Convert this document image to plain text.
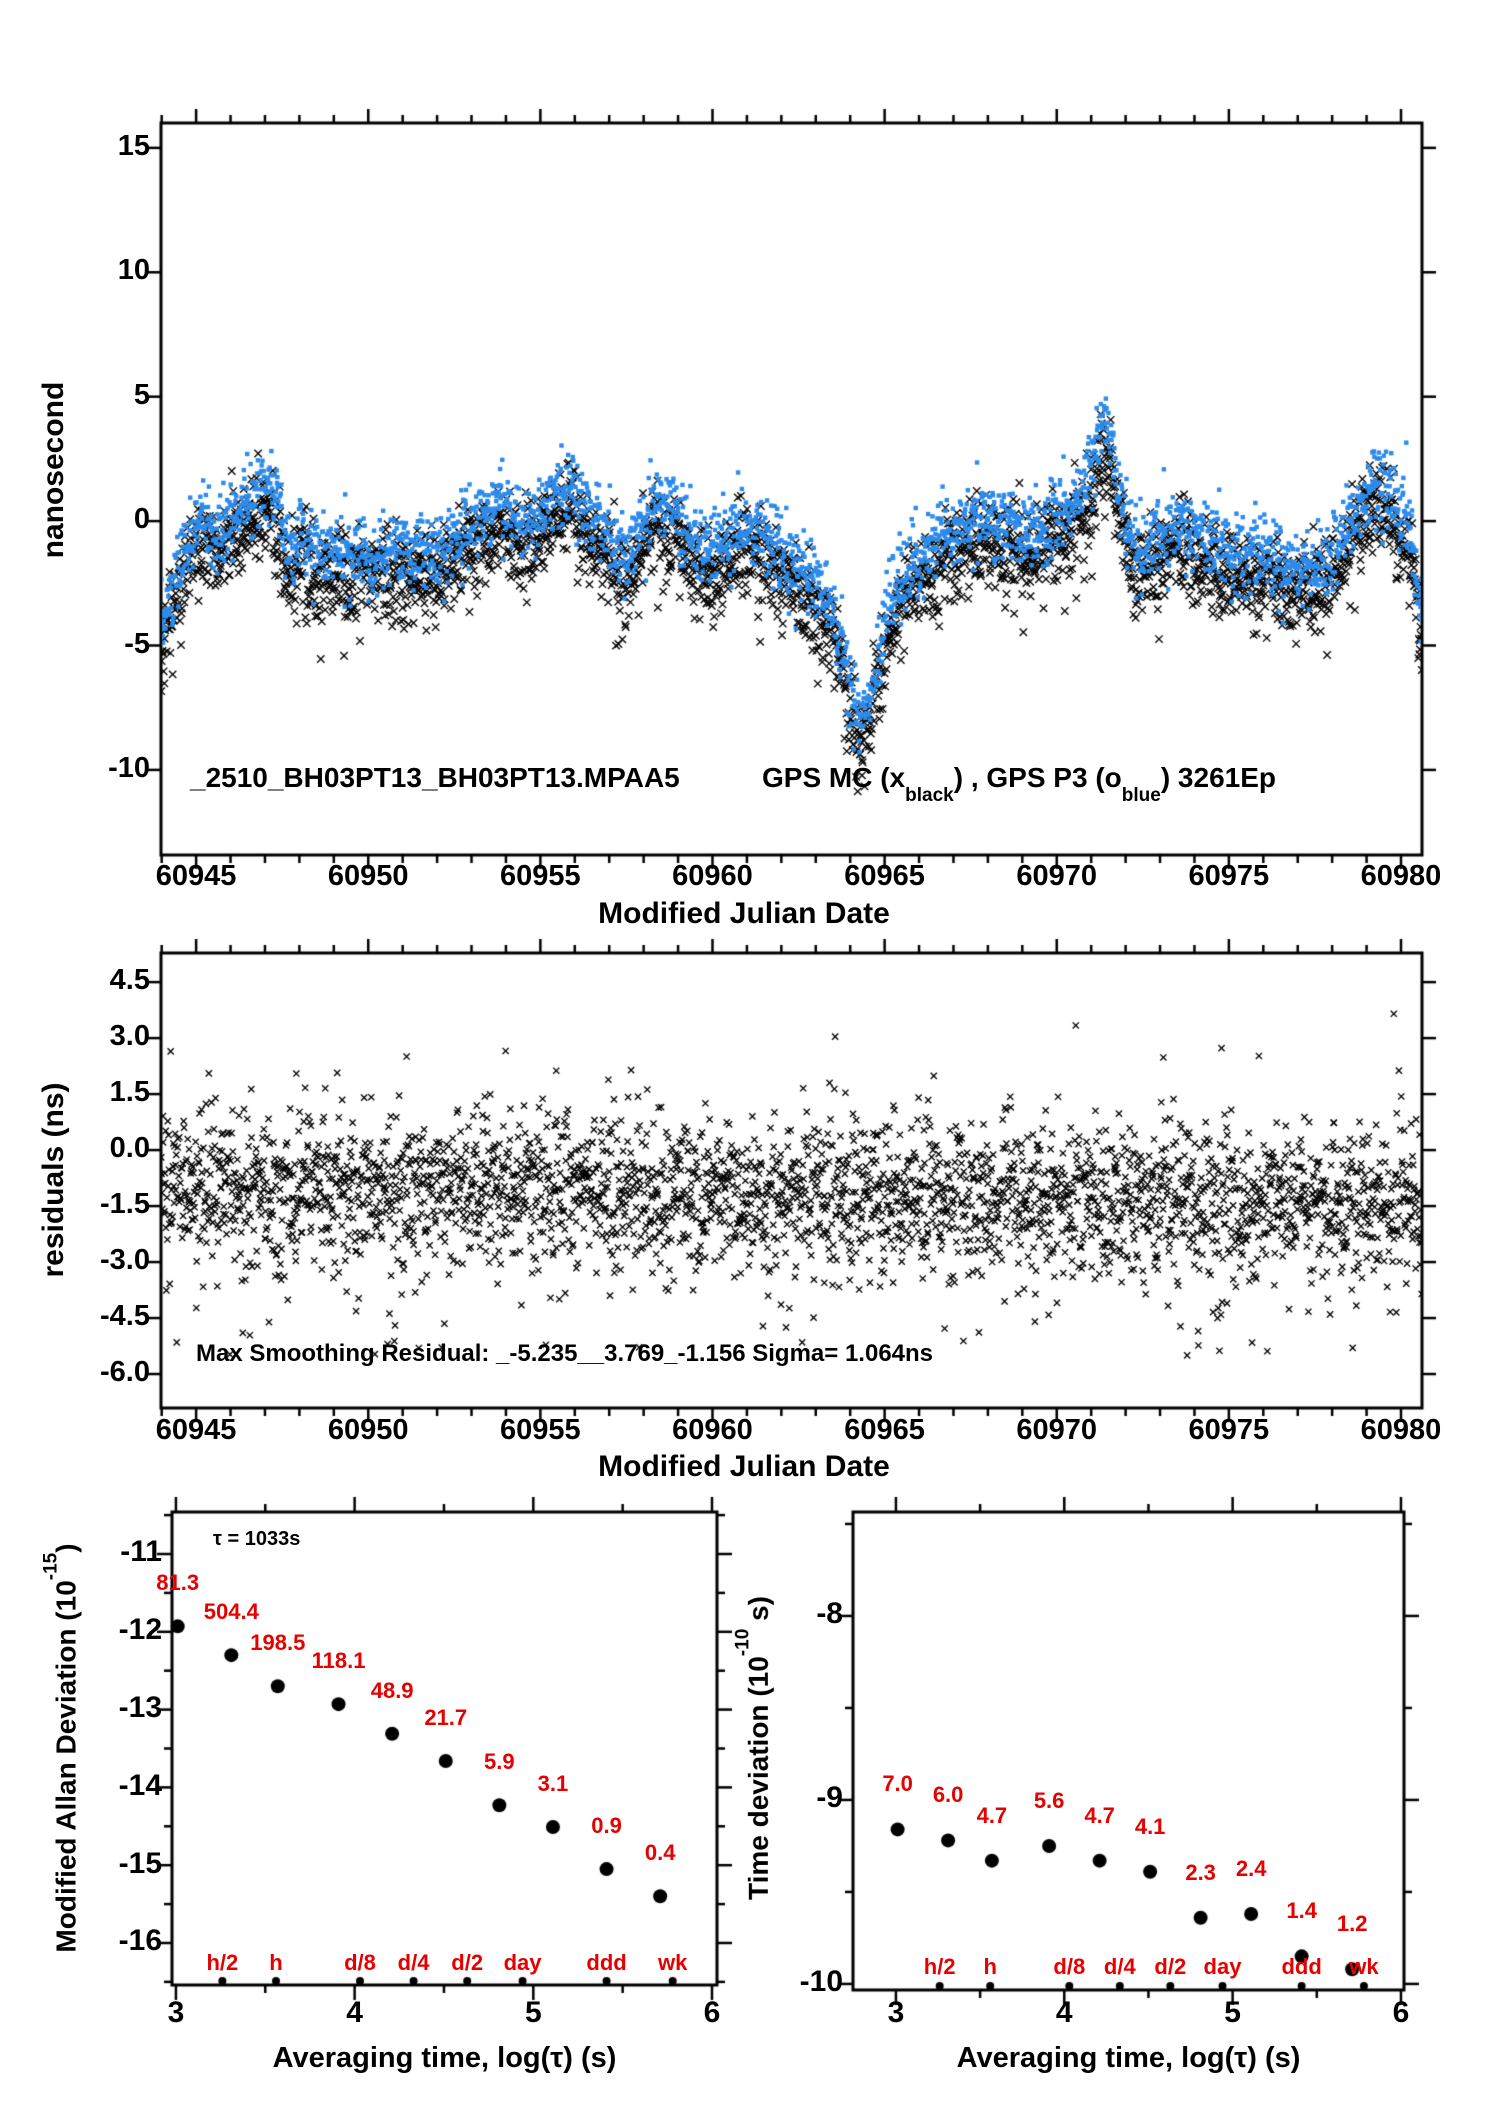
nanosecond
Modified Julian Date
_2510_BH03PT13_BH03PT13.MPAA5	GPS MC $(x_{black})$ , GPS P3 $(o_{blue})$ 3261Ep
residuals (ns)
Modified Julian Date
Max Smoothing Residual: _-5.235__3.769_-1.156 Sigma= 1.064ns
Modified Allan Deviation $(10^{-15})$
Averaging time, log(τ) (s)
τ = 1033s
Time deviation ($10^{-10}$ s)
Averaging time, log(τ) (s)
60945	60950	60955	60960	60965	60970	60975	60980
15
10
5
0
-5
-10
60945	60950	60955	60960	60965	60970	60975	60980
4.5
3.0
1.5
0.0
-1.5
-3.0
-4.5
-6.0
3	4	5	6
-11
-12
-13
-14
-15
-16
81.3
504.4
198.5
118.1
48.9
21.7
5.9
3.1
0.9
0.4
h/2	h	d/8 d/4 d/2 day	ddd	wk
3	4	5	6
-8
-9
-10
7.0 6.0
4.7
5.6
4.7 4.1
2.3 2.4
1.4
1.2
h/2	h	d/8 d/4 d/2 day	ddd	wk
